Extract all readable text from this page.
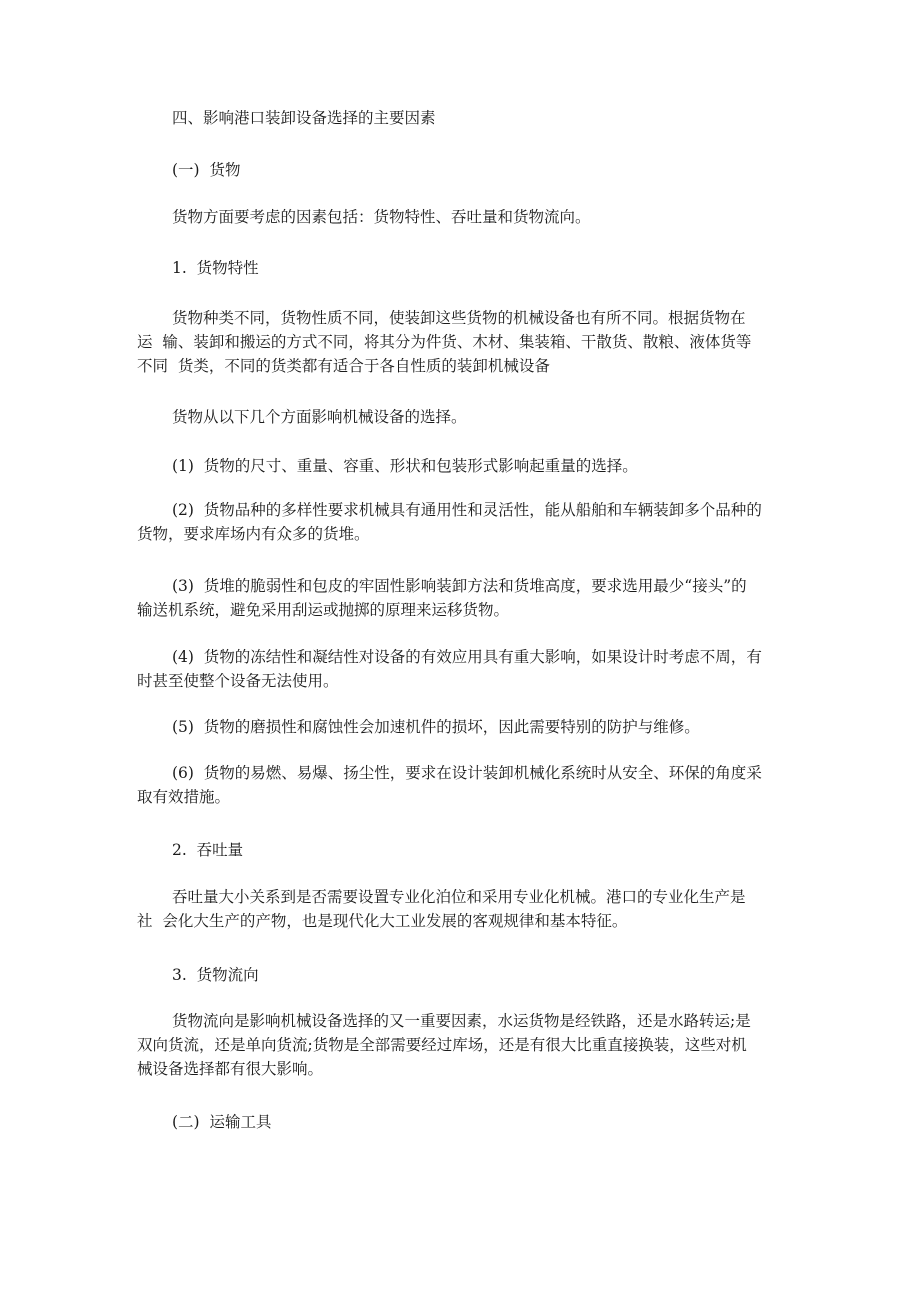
四、影响港口装卸设备选择的主要因素
(一)  货物
货物方面要考虑的因素包括：货物特性、吞吐量和货物流向。
1.  货物特性
货物种类不同，货物性质不同，使装卸这些货物的机械设备也有所不同。根据货物在
运  输、装卸和搬运的方式不同，将其分为件货、木材、集装箱、干散货、散粮、液体货等
不同  货类，不同的货类都有适合于各自性质的装卸机械设备
货物从以下几个方面影响机械设备的选择。
(1)  货物的尺寸、重量、容重、形状和包装形式影响起重量的选择。
(2)  货物品种的多样性要求机械具有通用性和灵活性，能从船舶和车辆装卸多个品种的
货物，要求库场内有众多的货堆。
(3)  货堆的脆弱性和包皮的牢固性影响装卸方法和货堆高度，要求选用最少“接头”的
输送机系统，避免采用刮运或抛掷的原理来运移货物。
(4)  货物的冻结性和凝结性对设备的有效应用具有重大影响，如果设计时考虑不周，有
时甚至使整个设备无法使用。
(5)  货物的磨损性和腐蚀性会加速机件的损坏，因此需要特别的防护与维修。
(6)  货物的易燃、易爆、扬尘性，要求在设计装卸机械化系统时从安全、环保的角度采
取有效措施。
2.  吞吐量
吞吐量大小关系到是否需要设置专业化泊位和采用专业化机械。港口的专业化生产是
社  会化大生产的产物，也是现代化大工业发展的客观规律和基本特征。
3.  货物流向
货物流向是影响机械设备选择的又一重要因素，水运货物是经铁路，还是水路转运;是
双向货流，还是单向货流;货物是全部需要经过库场，还是有很大比重直接换装，这些对机
械设备选择都有很大影响。
(二)  运输工具
